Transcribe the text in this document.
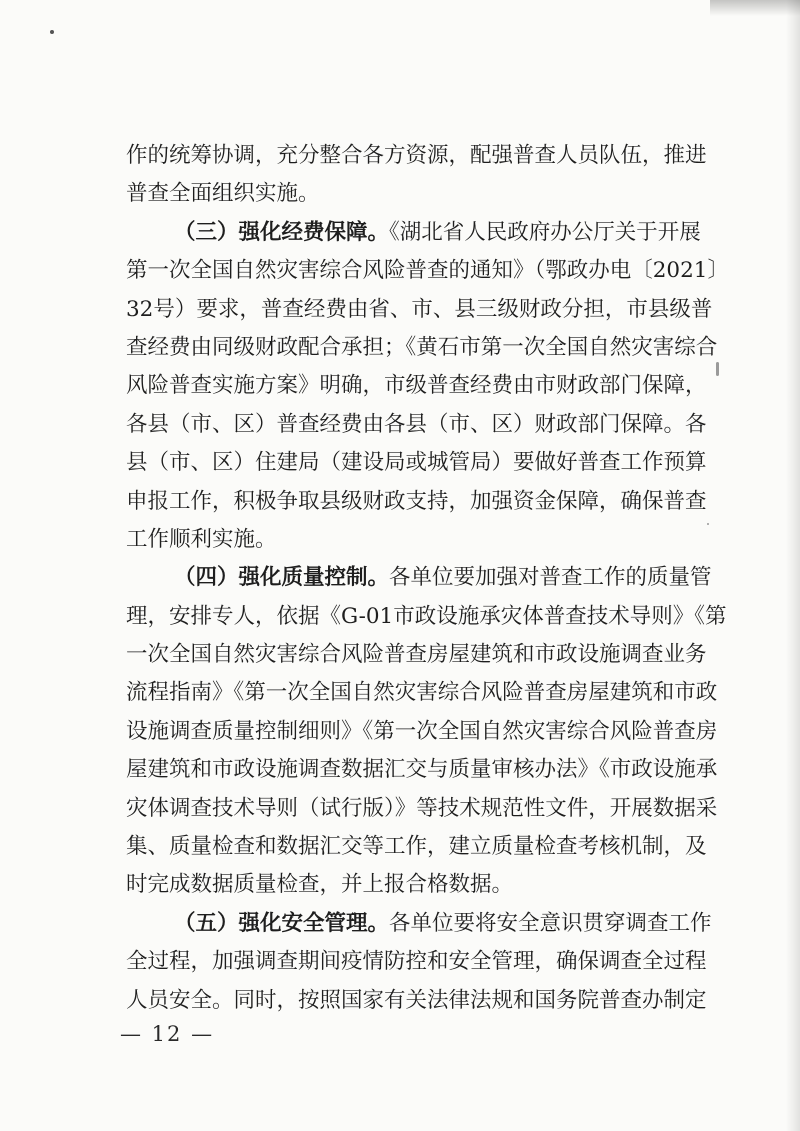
作的统筹协调，充分整合各方资源，配强普查人员队伍，推进
普查全面组织实施。
（三）强化经费保障。《湖北省人民政府办公厅关于开展
第一次全国自然灾害综合风险普查的通知》（鄂政办电〔2021〕
32号）要求，普查经费由省、市、县三级财政分担，市县级普
查经费由同级财政配合承担；《黄石市第一次全国自然灾害综合
风险普查实施方案》明确，市级普查经费由市财政部门保障，
各县（市、区）普查经费由各县（市、区）财政部门保障。各
县（市、区）住建局（建设局或城管局）要做好普查工作预算
申报工作，积极争取县级财政支持，加强资金保障，确保普查
工作顺利实施。
（四）强化质量控制。各单位要加强对普查工作的质量管
理，安排专人，依据《G-01市政设施承灾体普查技术导则》《第
一次全国自然灾害综合风险普查房屋建筑和市政设施调查业务
流程指南》《第一次全国自然灾害综合风险普查房屋建筑和市政
设施调查质量控制细则》《第一次全国自然灾害综合风险普查房
屋建筑和市政设施调查数据汇交与质量审核办法》《市政设施承
灾体调查技术导则（试行版）》等技术规范性文件，开展数据采
集、质量检查和数据汇交等工作，建立质量检查考核机制，及
时完成数据质量检查，并上报合格数据。
（五）强化安全管理。各单位要将安全意识贯穿调查工作
全过程，加强调查期间疫情防控和安全管理，确保调查全过程
人员安全。同时，按照国家有关法律法规和国务院普查办制定
— 12 —
